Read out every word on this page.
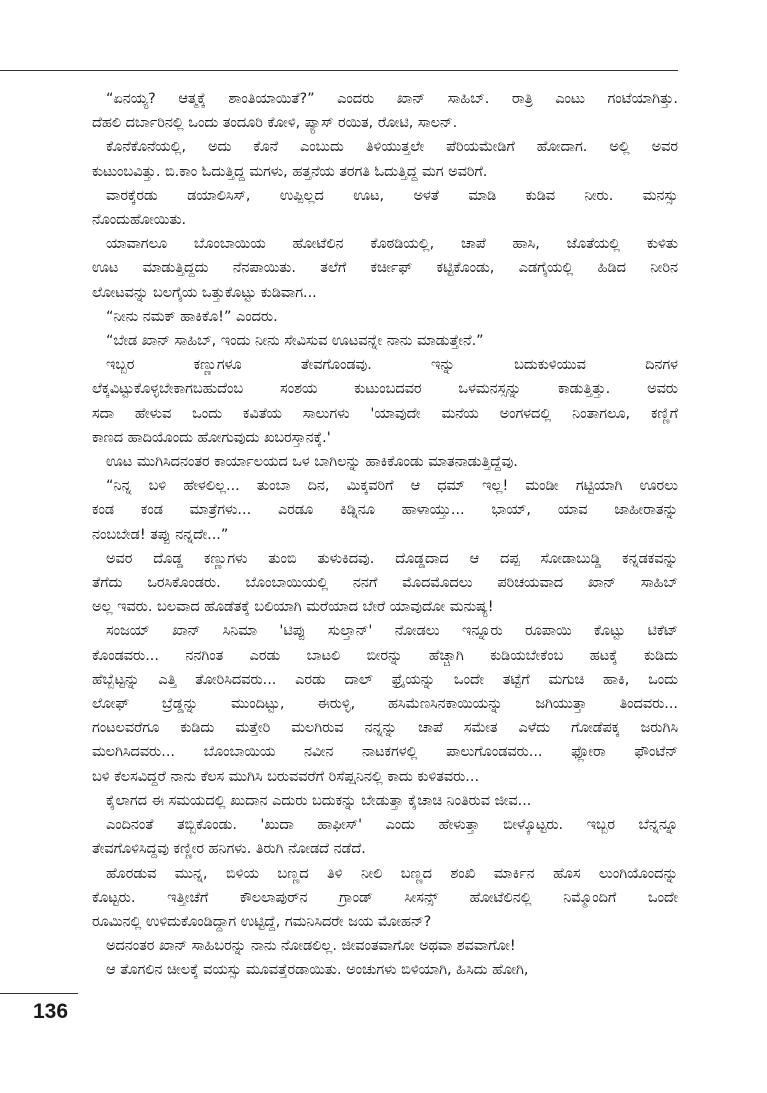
“ಏನಯ್ಯ? ಆತ್ಮಕ್ಕೆ ಶಾಂತಿಯಾಯಿತೆ?” ಎಂದರು ಖಾನ್ ಸಾಹಿಬ್. ರಾತ್ರಿ ಎಂಟು ಗಂಟೆಯಾಗಿತ್ತು.
ದೆಹಲಿ ದರ್ಬಾರಿನಲ್ಲಿ ಒಂದು ತಂದೂರಿ ಕೋಳಿ, ಪ್ಯಾಸ್ ರಯಿತ, ರೋಟಿ, ಸಾಲನ್.

ಕೊನೆಕೊನೆಯಲ್ಲಿ, ಅದು ಕೊನೆ ಎಂಬುದು ತಿಳಿಯುತ್ತಲೇ ಪೆರಿಯಮೇಡಿಗೆ ಹೋದಾಗ. ಅಲ್ಲಿ ಅವರ
ಕುಟುಂಬವಿತ್ತು. ಬಿ.ಕಾಂ ಓದುತ್ತಿದ್ದ ಮಗಳು, ಹತ್ತನೆಯ ತರಗತಿ ಓದುತ್ತಿದ್ದ ಮಗ ಅವರಿಗೆ.

ವಾರಕ್ಕೆರಡು ಡಯಾಲಿಸಿಸ್, ಉಪ್ಪಿಲ್ಲದ ಊಟ, ಅಳತೆ ಮಾಡಿ ಕುಡಿವ ನೀರು. ಮನಸ್ಸು
ನೊಂದುಹೋಯಿತು.

ಯಾವಾಗಲೂ ಬೊಂಬಾಯಿಯ ಹೋಟೆಲಿನ ಕೊಠಡಿಯಲ್ಲಿ, ಚಾಪೆ ಹಾಸಿ, ಜೊತೆಯಲ್ಲಿ ಕುಳಿತು
ಊಟ ಮಾಡುತ್ತಿದ್ದದು ನೆನಪಾಯಿತು. ತಲೆಗೆ ಕರ್ಚೀಫ್ ಕಟ್ಟಿಕೊಂಡು, ಎಡಗೈಯಲ್ಲಿ ಹಿಡಿದ ನೀರಿನ
ಲೋಟವನ್ನು ಬಲಗೈಯ ಒತ್ತುಕೊಟ್ಟು ಕುಡಿವಾಗ...

“ನೀನು ನಮಕ್ ಹಾಕಿಕೊ!” ಎಂದರು.

“ಬೇಡ ಖಾನ್ ಸಾಹಿಬ್, ಇಂದು ನೀನು ಸೇವಿಸುವ ಊಟವನ್ನೇ ನಾನು ಮಾಡುತ್ತೇನೆ.”

ಇಬ್ಬರ ಕಣ್ಣುಗಳೂ ತೇವಗೊಂಡವು. ಇನ್ನು ಬದುಕುಳಿಯುವ ದಿನಗಳ
ಲೆಕ್ಕವಿಟ್ಟುಕೊಳ್ಳಬೇಕಾಗಬಹುದೆಂಬ ಸಂಶಯ ಕುಟುಂಬದವರ ಒಳಮನಸ್ಸನ್ನು ಕಾಡುತ್ತಿತ್ತು. ಅವರು
ಸದಾ ಹೇಳುವ ಒಂದು ಕವಿತೆಯ ಸಾಲುಗಳು 'ಯಾವುದೇ ಮನೆಯ ಅಂಗಳದಲ್ಲಿ ನಿಂತಾಗಲೂ, ಕಣ್ಣಿಗೆ
ಕಾಣದ ಹಾದಿಯೊಂದು ಹೋಗುವುದು ಖಬರಸ್ತಾನಕ್ಕೆ.'

ಊಟ ಮುಗಿಸಿದನಂತರ ಕಾರ್ಯಾಲಯದ ಒಳ ಬಾಗಿಲನ್ನು ಹಾಕಿಕೊಂಡು ಮಾತನಾಡುತ್ತಿದ್ದೆವು.

“ನಿನ್ನ ಬಳಿ ಹೇಳಲಿಲ್ಲ... ತುಂಬಾ ದಿನ, ಮಿಕ್ಕವರಿಗೆ ಆ ಧಮ್ ಇಲ್ಲ! ಮಂಡೀ ಗಟ್ಟಿಯಾಗಿ ಊರಲು
ಕಂಡ ಕಂಡ ಮಾತ್ರೆಗಳು... ಎರಡೂ ಕಿಡ್ನಿನೂ ಹಾಳಾಯ್ತು... ಭಾಯ್, ಯಾವ ಜಾಹೀರಾತನ್ನು
ನಂಬಬೇಡ! ತಪ್ಪು ನನ್ನದೇ...”

ಅವರ ದೊಡ್ಡ ಕಣ್ಣುಗಳು ತುಂಬಿ ತುಳುಕಿದವು. ದೊಡ್ಡದಾದ ಆ ದಪ್ಪ ಸೋಡಾಬುಡ್ಡಿ ಕನ್ನಡಕವನ್ನು
ತೆಗೆದು ಒರಸಿಕೊಂಡರು. ಬೊಂಬಾಯಿಯಲ್ಲಿ ನನಗೆ ಮೊದಮೊದಲು ಪರಿಚಯವಾದ ಖಾನ್ ಸಾಹಿಬ್
ಅಲ್ಲ ಇವರು. ಬಲವಾದ ಹೊಡೆತಕ್ಕೆ ಬಲಿಯಾಗಿ ಮರೆಯಾದ ಬೇರೆ ಯಾವುದೋ ಮನುಷ್ಯ!

ಸಂಜಯ್ ಖಾನ್ ಸಿನಿಮಾ 'ಟಿಪ್ಪು ಸುಲ್ತಾನ್' ನೋಡಲು ಇನ್ನೂರು ರೂಪಾಯಿ ಕೊಟ್ಟು ಟಿಕೆಟ್
ಕೊಂಡವರು... ನನಗಿಂತ ಎರಡು ಬಾಟಲಿ ಬೀರನ್ನು ಹೆಚ್ಚಾಗಿ ಕುಡಿಯಬೇಕೆಂಬ ಹಟಕ್ಕೆ ಕುಡಿದು
ಹೆಬ್ಬೆಟ್ಟನ್ನು ಎತ್ತಿ ತೋರಿಸಿದವರು... ಎರಡು ದಾಲ್ ಫ್ರೈಯನ್ನು ಒಂದೇ ತಟ್ಟೆಗೆ ಮಗುಚಿ ಹಾಕಿ, ಒಂದು
ಲೋಫ್ ಬ್ರೆಡ್ಡನ್ನು ಮುಂದಿಟ್ಟು, ಈರುಳ್ಳಿ, ಹಸಿಮೆಣಸಿನಕಾಯಿಯನ್ನು ಜಗಿಯುತ್ತಾ ತಿಂದವರು...
ಗಂಟಲವರೆಗೂ ಕುಡಿದು ಮತ್ತೇರಿ ಮಲಗಿರುವ ನನ್ನನ್ನು ಚಾಪೆ ಸಮೇತ ಎಳೆದು ಗೋಡೆಪಕ್ಕ ಜರುಗಿಸಿ
ಮಲಗಿಸಿದವರು... ಬೊಂಬಾಯಿಯ ನವೀನ ನಾಟಕಗಳಲ್ಲಿ ಪಾಲುಗೊಂಡವರು... ಫ್ಲೋರಾ ಫೌಂಟೆನ್
ಬಳಿ ಕೆಲಸವಿದ್ದರೆ ನಾನು ಕೆಲಸ ಮುಗಿಸಿ ಬರುವವರೆಗೆ ರಿಸೆಪ್ಷನಿನಲ್ಲಿ ಕಾದು ಕುಳಿತವರು...

ಕೈಲಾಗದ ಈ ಸಮಯದಲ್ಲಿ ಖುದಾನ ಎದುರು ಬದುಕನ್ನು ಬೇಡುತ್ತಾ ಕೈಚಾಚಿ ನಿಂತಿರುವ ಜೀವ...

ಎಂದಿನಂತೆ ತಬ್ಬಿಕೊಂಡು. 'ಖುದಾ ಹಾಫೀಸ್' ಎಂದು ಹೇಳುತ್ತಾ ಬೀಳ್ಕೊಟ್ಟರು. ಇಬ್ಬರ ಬೆನ್ನನ್ನೂ
ತೇವಗೊಳಿಸಿದ್ದವು ಕಣ್ಣೀರ ಹನಿಗಳು. ತಿರುಗಿ ನೋಡದೆ ನಡೆದೆ.

ಹೊರಡುವ ಮುನ್ನ, ಬಿಳಿಯ ಬಣ್ಣದ ತಿಳಿ ನೀಲಿ ಬಣ್ಣದ ಶಂಖಿ ಮಾರ್ಕಿನ ಹೊಸ ಲುಂಗಿಯೊಂದನ್ನು
ಕೊಟ್ಟರು. ಇತ್ತೀಚೆಗೆ ಕೌಲಲಾಪುರ್‌ನ ಗ್ರಾಂಡ್ ಸೀಸನ್ಸ್ ಹೋಟೆಲಿನಲ್ಲಿ ನಿಮ್ಮೊಂದಿಗೆ ಒಂದೇ
ರೂಮಿನಲ್ಲಿ ಉಳಿದುಕೊಂಡಿದ್ದಾಗ ಉಟ್ಟಿದ್ದೆ, ಗಮನಿಸಿದರೇ ಜಯ ಮೋಹನ್?

ಅದನಂತರ ಖಾನ್ ಸಾಹಿಬರನ್ನು ನಾನು ನೋಡಲಿಲ್ಲ. ಜೀವಂತವಾಗೋ ಅಥವಾ ಶವವಾಗೋ!

ಆ ತೊಗಲಿನ ಚೀಲಕ್ಕೆ ವಯಸ್ಸು ಮೂವತ್ತೆರಡಾಯಿತು. ಅಂಚುಗಳು ಬಿಳಿಯಾಗಿ, ಹಿಸಿದು ಹೋಗಿ,

136
